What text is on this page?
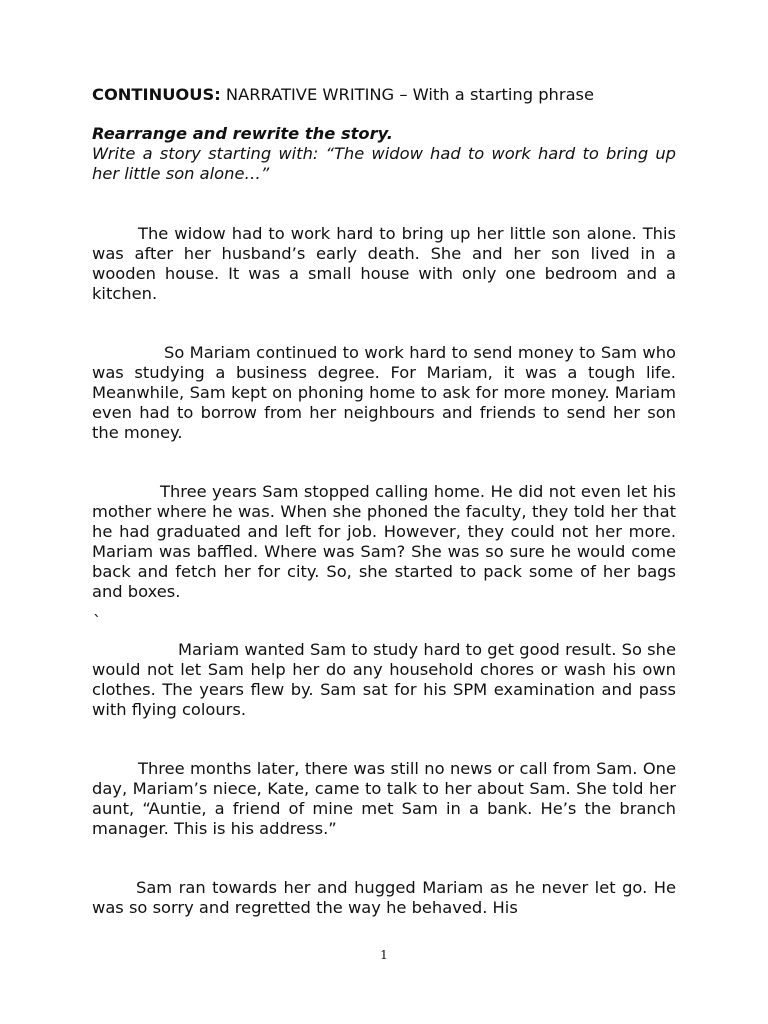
CONTINUOUS: NARRATIVE WRITING – With a starting phrase
Rearrange and rewrite the story.
Write a story starting with: “The widow had to work hard to bring up her little son alone…”

The widow had to work hard to bring up her little son alone. This was after her husband’s early death. She and her son lived in a wooden house. It was a small house with only one bedroom and a kitchen.

So Mariam continued to work hard to send money to Sam who was studying a business degree. For Mariam, it was a tough life. Meanwhile, Sam kept on phoning home to ask for more money. Mariam even had to borrow from her neighbours and friends to send her son the money.

Three years Sam stopped calling home. He did not even let his mother where he was. When she phoned the faculty, they told her that he had graduated and left for job. However, they could not her more. Mariam was baffled. Where was Sam? She was so sure he would come back and fetch her for city. So, she started to pack some of her bags and boxes.

`

Mariam wanted Sam to study hard to get good result. So she would not let Sam help her do any household chores or wash his own clothes. The years flew by. Sam sat for his SPM examination and pass with flying colours.

Three months later, there was still no news or call from Sam. One day, Mariam’s niece, Kate, came to talk to her about Sam. She told her aunt, “Auntie, a friend of mine met Sam in a bank. He’s the branch manager. This is his address.”

Sam ran towards her and hugged Mariam as he never let go. He was so sorry and regretted the way he behaved. His

1
